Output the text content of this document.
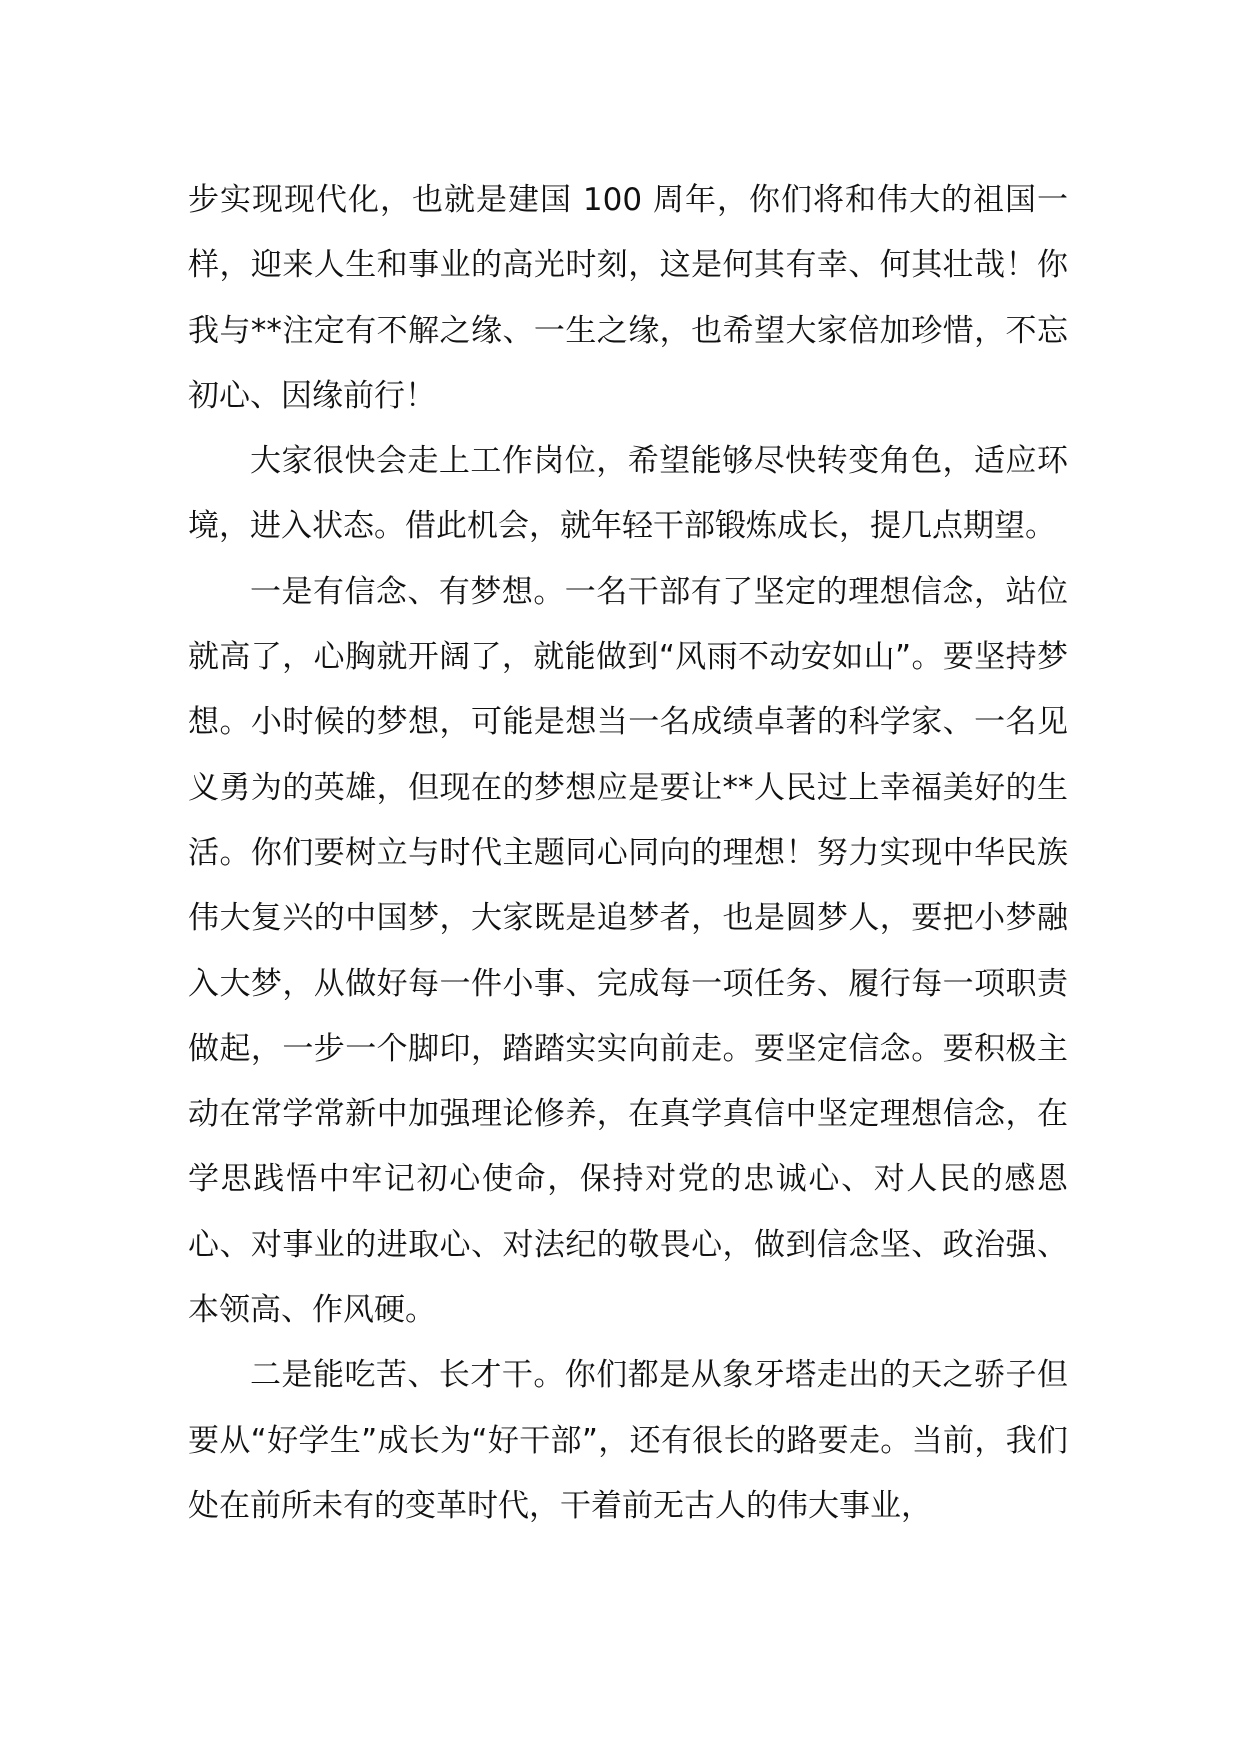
步实现现代化，也就是建国 100 周年，你们将和伟大的祖国一样，迎来人生和事业的高光时刻，这是何其有幸、何其壮哉！你我与**注定有不解之缘、一生之缘，也希望大家倍加珍惜，不忘初心、因缘前行！

大家很快会走上工作岗位，希望能够尽快转变角色，适应环境，进入状态。借此机会，就年轻干部锻炼成长，提几点期望。

一是有信念、有梦想。一名干部有了坚定的理想信念，站位就高了，心胸就开阔了，就能做到“风雨不动安如山”。要坚持梦想。小时候的梦想，可能是想当一名成绩卓著的科学家、一名见义勇为的英雄，但现在的梦想应是要让**人民过上幸福美好的生活。你们要树立与时代主题同心同向的理想！努力实现中华民族伟大复兴的中国梦，大家既是追梦者，也是圆梦人，要把小梦融入大梦，从做好每一件小事、完成每一项任务、履行每一项职责做起，一步一个脚印，踏踏实实向前走。要坚定信念。要积极主动在常学常新中加强理论修养，在真学真信中坚定理想信念，在学思践悟中牢记初心使命，保持对党的忠诚心、对人民的感恩心、对事业的进取心、对法纪的敬畏心，做到信念坚、政治强、本领高、作风硬。

二是能吃苦、长才干。你们都是从象牙塔走出的天之骄子但要从“好学生”成长为“好干部”，还有很长的路要走。当前，我们处在前所未有的变革时代，干着前无古人的伟大事业，
